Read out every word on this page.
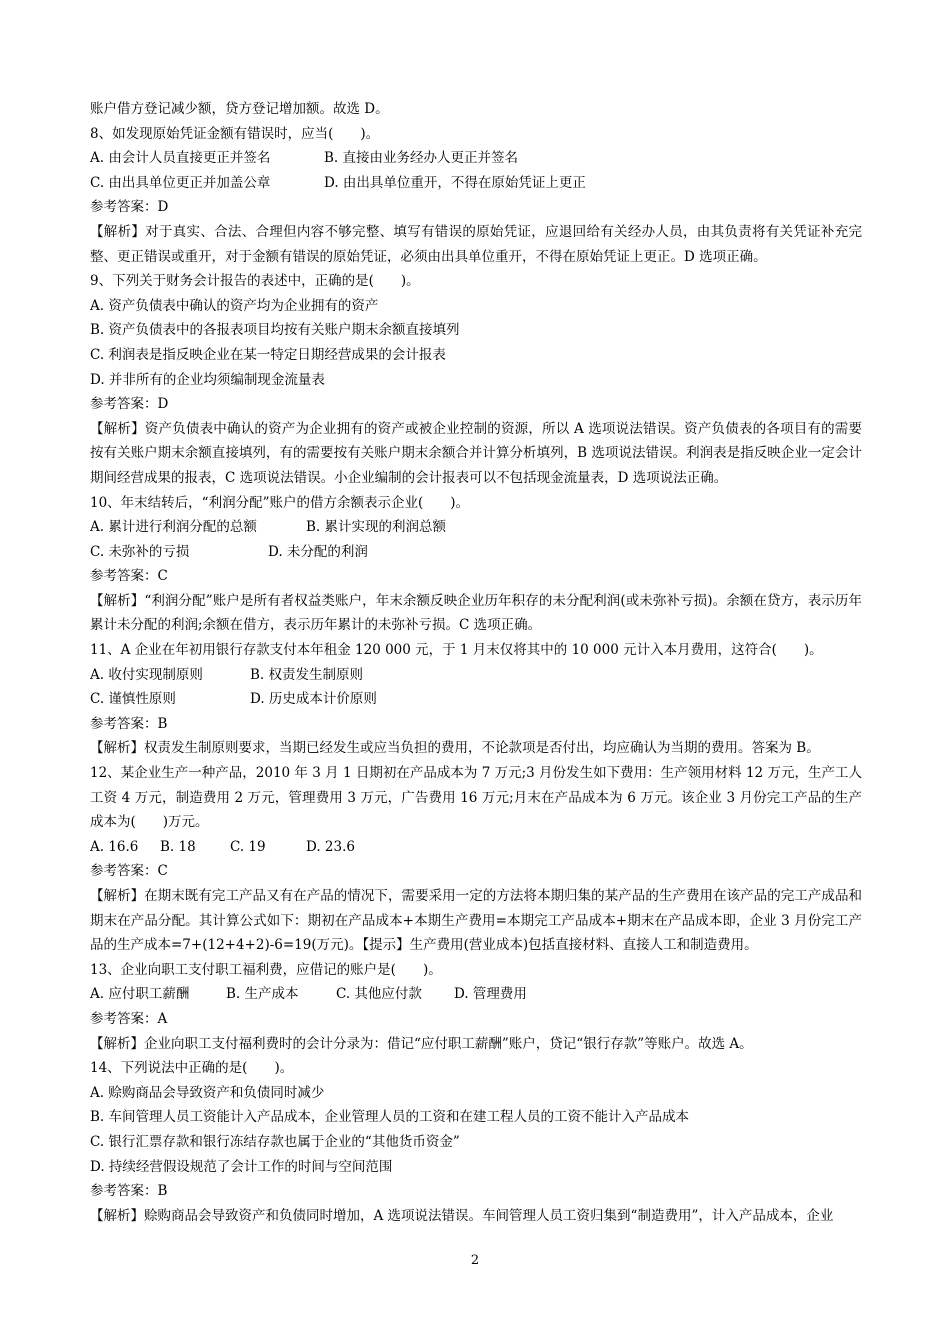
账户借方登记减少额，贷方登记增加额。故选 D。
8、如发现原始凭证金额有错误时，应当(　　)。
A. 由会计人员直接更正并签名	B. 直接由业务经办人更正并签名
C. 由出具单位更正并加盖公章	D. 由出具单位重开，不得在原始凭证上更正
参考答案：D
【解析】对于真实、合法、合理但内容不够完整、填写有错误的原始凭证，应退回给有关经办人员，由其负责将有关凭证补充完整、更正错误或重开，对于金额有错误的原始凭证，必须由出具单位重开，不得在原始凭证上更正。D 选项正确。
9、下列关于财务会计报告的表述中，正确的是(　　)。
A. 资产负债表中确认的资产均为企业拥有的资产
B. 资产负债表中的各报表项目均按有关账户期末余额直接填列
C. 利润表是指反映企业在某一特定日期经营成果的会计报表
D. 并非所有的企业均须编制现金流量表
参考答案：D
【解析】资产负债表中确认的资产为企业拥有的资产或被企业控制的资源，所以 A 选项说法错误。资产负债表的各项目有的需要按有关账户期末余额直接填列，有的需要按有关账户期末余额合并计算分析填列，B 选项说法错误。利润表是指反映企业一定会计期间经营成果的报表，C 选项说法错误。小企业编制的会计报表可以不包括现金流量表，D 选项说法正确。
10、年末结转后，“利润分配”账户的借方余额表示企业(　　)。
A. 累计进行利润分配的总额	B. 累计实现的利润总额
C. 未弥补的亏损	D. 未分配的利润
参考答案：C
【解析】“利润分配”账户是所有者权益类账户，年末余额反映企业历年积存的未分配利润(或未弥补亏损)。余额在贷方，表示历年累计未分配的利润;余额在借方，表示历年累计的未弥补亏损。C 选项正确。
11、A 企业在年初用银行存款支付本年租金 120 000 元，于 1 月末仅将其中的 10 000 元计入本月费用，这符合(　　)。
A. 收付实现制原则	B. 权责发生制原则
C. 谨慎性原则	D. 历史成本计价原则
参考答案：B
【解析】权责发生制原则要求，当期已经发生或应当负担的费用，不论款项是否付出，均应确认为当期的费用。答案为 B。
12、某企业生产一种产品，2010 年 3 月 1 日期初在产品成本为 7 万元;3 月份发生如下费用：生产领用材料 12 万元，生产工人工资 4 万元，制造费用 2 万元，管理费用 3 万元，广告费用 16 万元;月末在产品成本为 6 万元。该企业 3 月份完工产品的生产成本为(　　)万元。
A. 16.6 B. 18	C. 19	D. 23.6
参考答案：C
【解析】在期末既有完工产品又有在产品的情况下，需要采用一定的方法将本期归集的某产品的生产费用在该产品的完工产成品和期末在产品分配。其计算公式如下：期初在产品成本+本期生产费用=本期完工产品成本+期末在产品成本即，企业 3 月份完工产品的生产成本=7+(12+4+2)-6=19(万元)。【提示】生产费用(营业成本)包括直接材料、直接人工和制造费用。
13、企业向职工支付职工福利费，应借记的账户是(　　)。
A. 应付职工薪酬	B. 生产成本	C. 其他应付款 D. 管理费用
参考答案：A
【解析】企业向职工支付福利费时的会计分录为：借记“应付职工薪酬”账户，贷记“银行存款”等账户。故选 A。
14、下列说法中正确的是(　　)。
A. 赊购商品会导致资产和负债同时减少
B. 车间管理人员工资能计入产品成本，企业管理人员的工资和在建工程人员的工资不能计入产品成本
C. 银行汇票存款和银行冻结存款也属于企业的“其他货币资金”
D. 持续经营假设规范了会计工作的时间与空间范围
参考答案：B
【解析】赊购商品会导致资产和负债同时增加，A 选项说法错误。车间管理人员工资归集到“制造费用”，计入产品成本，企业
2
